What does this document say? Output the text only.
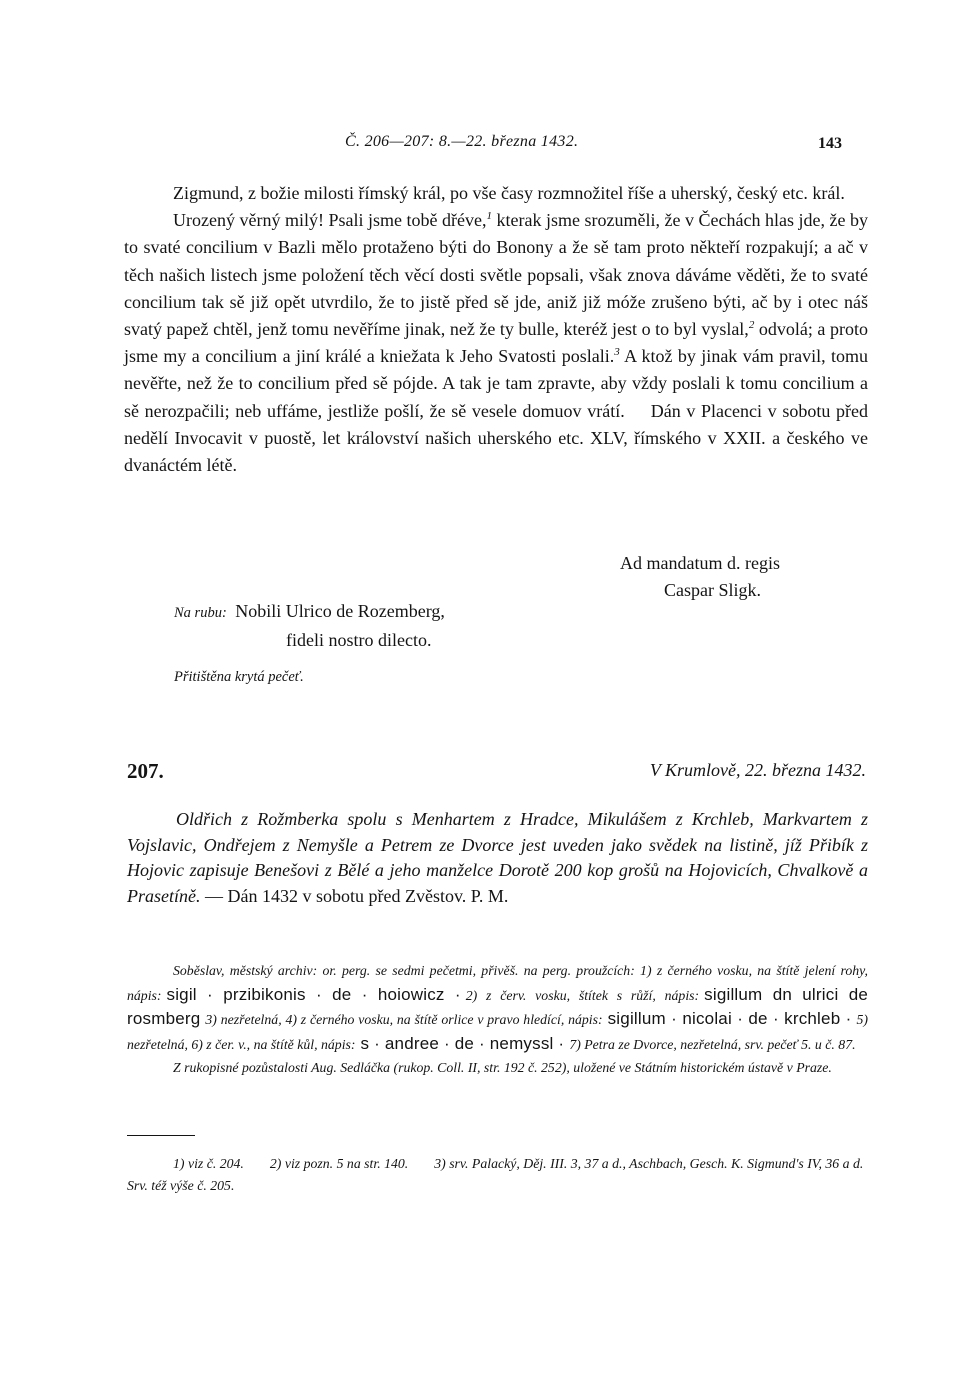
Č. 206—207: 8.—22. března 1432.	143

Zigmund, z božie milosti římský král, po vše časy rozmnožitel říše a uherský, český etc. král.

Urozený věrný milý! Psali jsme tobě dřéve,$^1$ kterak jsme srozuměli, že v Čechách hlas jde, že by to svaté concilium v Bazli mělo protaženo býti do Bonony a že sě tam proto někteří rozpakují; a ač v těch našich listech jsme položení těch věcí dosti světle popsali, však znova dáváme věděti, že to svaté concilium tak sě již opět utvrdilo, že to jistě před sě jde, aniž již móže zrušeno býti, ač by i otec náš svatý papež chtěl, jenž tomu nevěříme jinak, než že ty bulle, kteréž jest o to byl vyslal,$^2$ odvolá; a proto jsme my a concilium a jiní králé a kniežata k Jeho Svatosti poslali.$^3$ A ktož by jinak vám pravil, tomu nevěřte, než že to concilium před sě pójde. A tak je tam zpravte, aby vždy poslali k tomu concilium a sě nerozpačili; neb uffáme, jestliže pošlí, že sě vesele domuov vrátí. Dán v Placenci v sobotu před nedělí Invocavit v puostě, let království našich uherského etc. XLV, římského v XXII. a českého ve dvanáctém létě.

Ad mandatum d. regis
Caspar Sligk.
Na rubu: Nobili Ulrico de Rozemberg,
fideli nostro dilecto.
Přitištěna krytá pečeť.
207.	V Krumlově, 22. března 1432.
Oldřich z Rožmberka spolu s Menhartem z Hradce, Mikulášem z Krchleb, Markvartem z Vojslavic, Ondřejem z Nemyšle a Petrem ze Dvorce jest uveden jako svědek na listině, jíž Přibík z Hojovic zapisuje Benešovi z Bělé a jeho manželce Dorotě 200 kop grošů na Hojovicích, Chvalkově a Prasetíně. — Dán 1432 v sobotu před Zvěstov. P. M.

Soběslav, městský archiv: or. perg. se sedmi pečetmi, přivěš. na perg. proužcích: 1) z černého vosku, na štítě jelení rohy, nápis: sigil · przibikonis · de · hoiowicz · 2) z červ. vosku, štítek s růží, nápis: sigillum dn ulrici de rosmberg 3) nezřetelná, 4) z černého vosku, na štítě orlice v pravo hledící, nápis: sigillum · nicolai · de · krchleb · 5) nezřetelná, 6) z čer. v., na štítě kůl, nápis: s · andree · de · nemyssl · 7) Petra ze Dvorce, nezřetelná, srv. pečeť 5. u č. 87.

Z rukopisné pozůstalosti Aug. Sedláčka (rukop. Coll. II, str. 192 č. 252), uložené ve Státním historickém ústavě v Praze.

1) viz č. 204. 2) viz pozn. 5 na str. 140. 3) srv. Palacký, Děj. III. 3, 37 a d., Aschbach, Gesch. K. Sigmund's IV, 36 a d. Srv. též výše č. 205.
